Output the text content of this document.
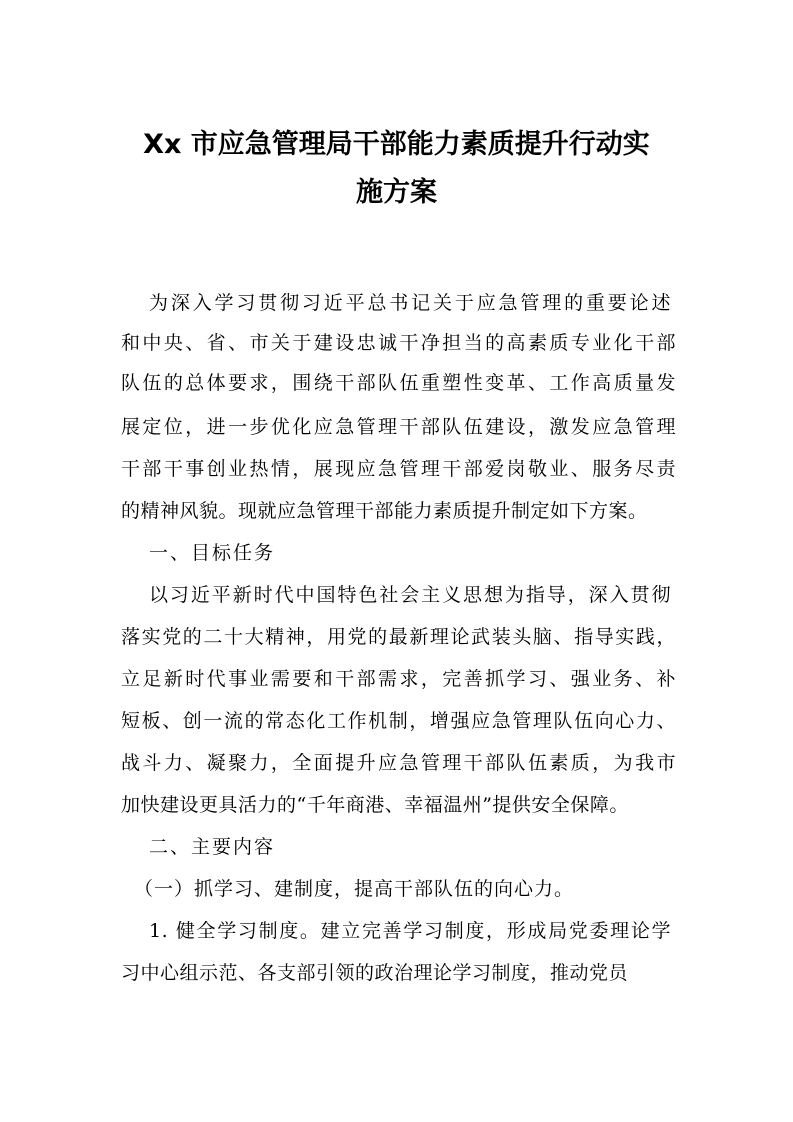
Xx 市应急管理局干部能力素质提升行动实
施方案

为深入学习贯彻习近平总书记关于应急管理的重要论述

和中央、省、市关于建设忠诚干净担当的高素质专业化干部

队伍的总体要求，围绕干部队伍重塑性变革、工作高质量发

展定位，进一步优化应急管理干部队伍建设，激发应急管理

干部干事创业热情，展现应急管理干部爱岗敬业、服务尽责

的精神风貌。现就应急管理干部能力素质提升制定如下方案。

一、目标任务

以习近平新时代中国特色社会主义思想为指导，深入贯彻

落实党的二十大精神，用党的最新理论武装头脑、指导实践，

立足新时代事业需要和干部需求，完善抓学习、强业务、补

短板、创一流的常态化工作机制，增强应急管理队伍向心力、

战斗力、凝聚力，全面提升应急管理干部队伍素质，为我市

加快建设更具活力的“千年商港、幸福温州”提供安全保障。

二、主要内容

（一）抓学习、建制度，提高干部队伍的向心力。

1. 健全学习制度。建立完善学习制度，形成局党委理论学

习中心组示范、各支部引领的政治理论学习制度，推动党员
